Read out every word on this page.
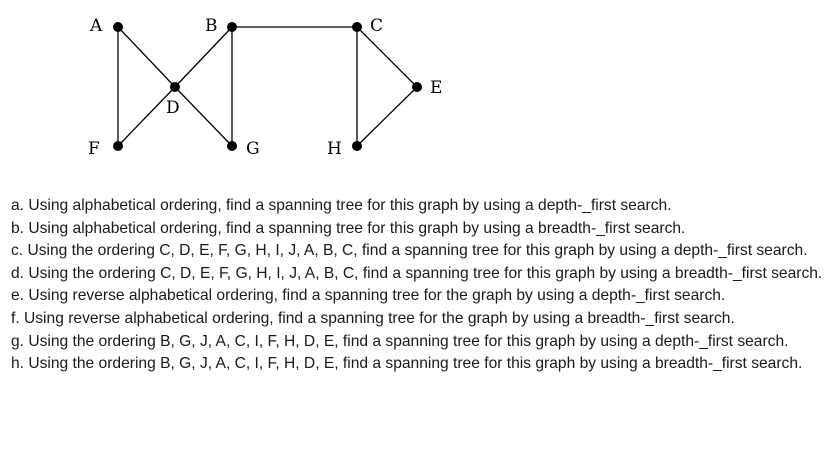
A	B	C
D
E
F	G	H
a. Using alphabetical ordering, find a spanning tree for this graph by using a depth-_first search.
b. Using alphabetical ordering, find a spanning tree for this graph by using a breadth-_first search.
c. Using the ordering C, D, E, F, G, H, I, J, A, B, C, find a spanning tree for this graph by using a depth-_first search.
d. Using the ordering C, D, E, F, G, H, I, J, A, B, C, find a spanning tree for this graph by using a breadth-_first search.
e. Using reverse alphabetical ordering, find a spanning tree for the graph by using a depth-_first search.
f. Using reverse alphabetical ordering, find a spanning tree for the graph by using a breadth-_first search.
g. Using the ordering B, G, J, A, C, I, F, H, D, E, find a spanning tree for this graph by using a depth-_first search.
h. Using the ordering B, G, J, A, C, I, F, H, D, E, find a spanning tree for this graph by using a breadth-_first search.
